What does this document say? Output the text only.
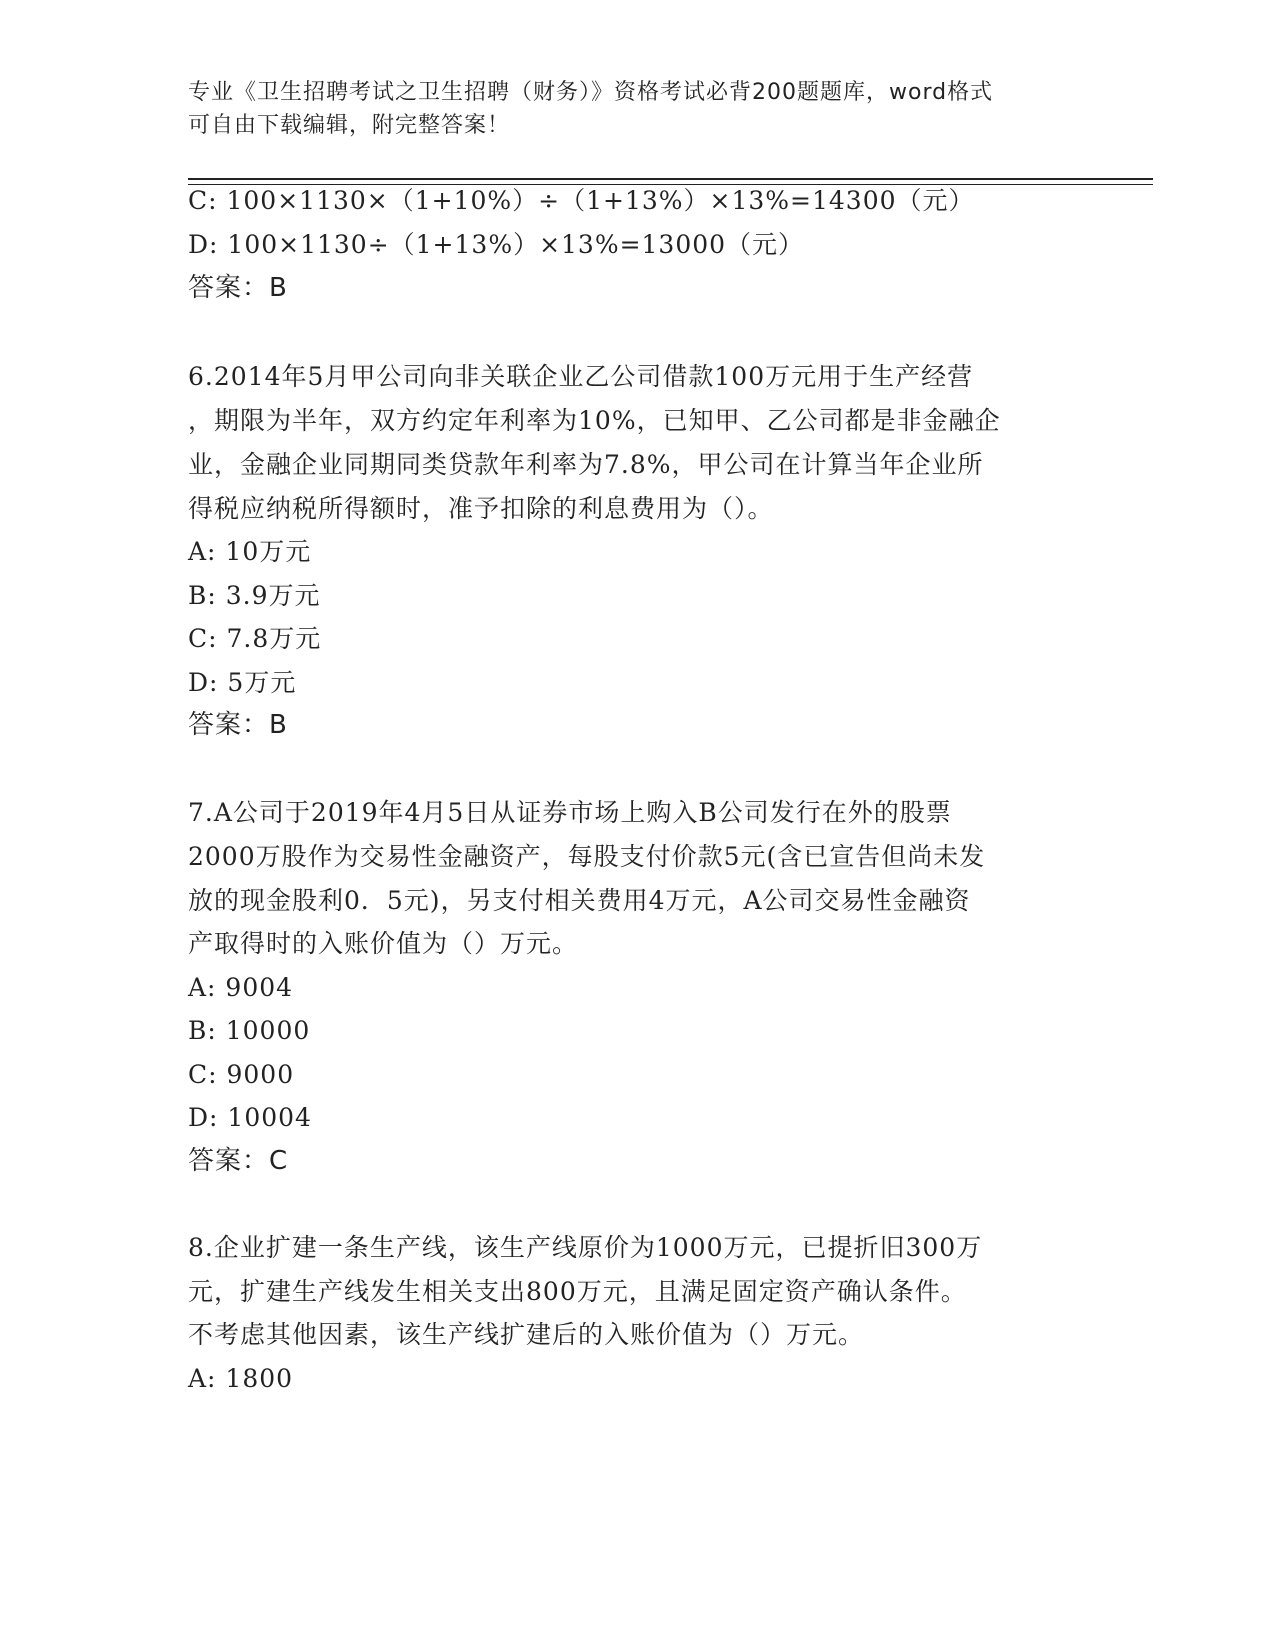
专业《卫生招聘考试之卫生招聘（财务）》资格考试必背200题题库，word格式
可自由下载编辑，附完整答案！
C: 100×1130×（1+10%）÷（1+13%）×13%=14300（元）
D: 100×1130÷（1+13%）×13%=13000（元）
答案：B
6.2014年5月甲公司向非关联企业乙公司借款100万元用于生产经营
，期限为半年，双方约定年利率为10%，已知甲、乙公司都是非金融企
业，金融企业同期同类贷款年利率为7.8%，甲公司在计算当年企业所
得税应纳税所得额时，准予扣除的利息费用为（）。
A: 10万元
B: 3.9万元
C: 7.8万元
D: 5万元
答案：B
7.A公司于2019年4月5日从证券市场上购入B公司发行在外的股票
2000万股作为交易性金融资产，每股支付价款5元(含已宣告但尚未发
放的现金股利0．5元)，另支付相关费用4万元，A公司交易性金融资
产取得时的入账价值为（）万元。
A: 9004
B: 10000
C: 9000
D: 10004
答案：C
8.企业扩建一条生产线，该生产线原价为1000万元，已提折旧300万
元，扩建生产线发生相关支出800万元，且满足固定资产确认条件。
不考虑其他因素，该生产线扩建后的入账价值为（）万元。
A: 1800
